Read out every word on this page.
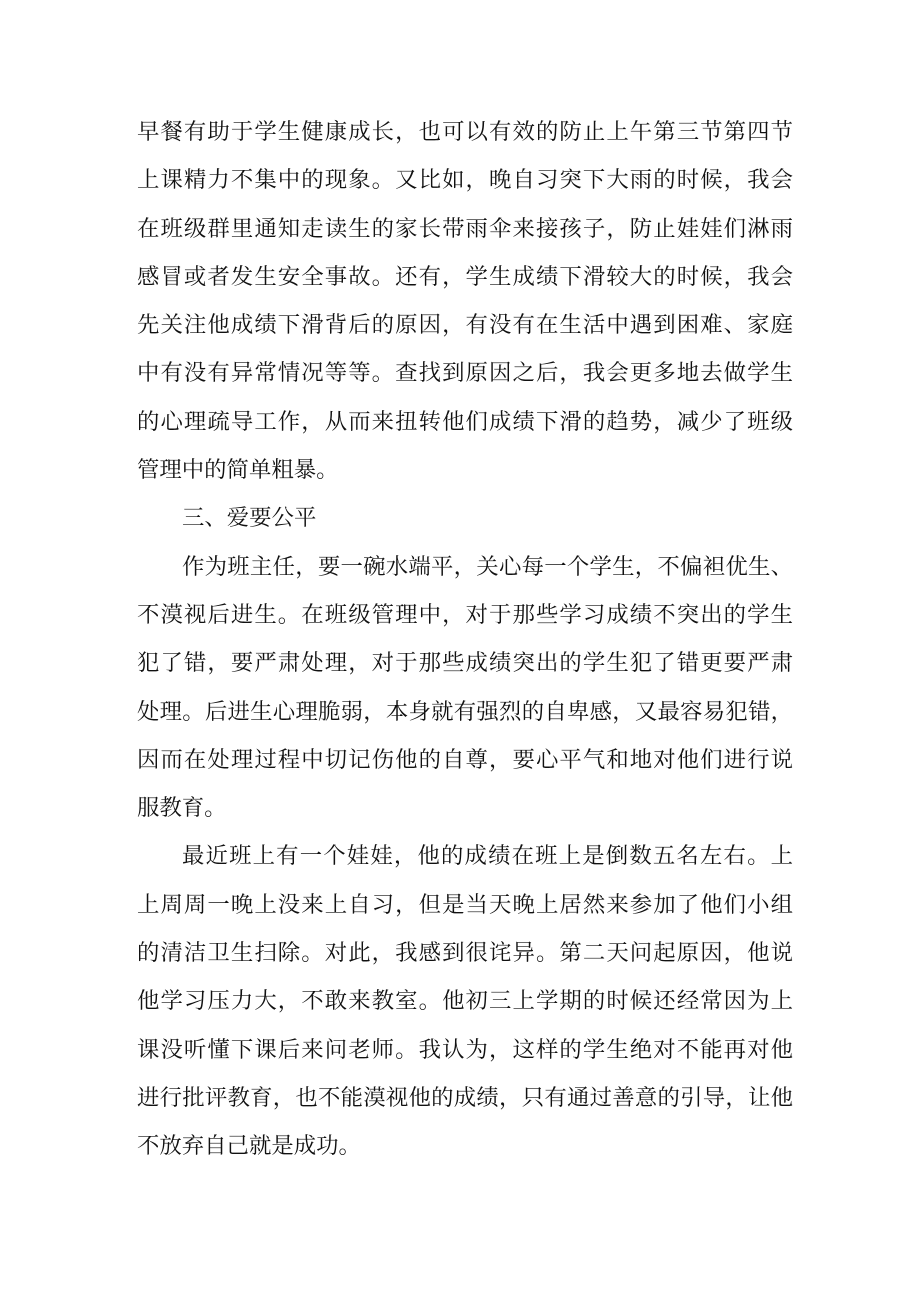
早餐有助于学生健康成长，也可以有效的防止上午第三节第四节
上课精力不集中的现象。又比如，晚自习突下大雨的时候，我会
在班级群里通知走读生的家长带雨伞来接孩子，防止娃娃们淋雨
感冒或者发生安全事故。还有，学生成绩下滑较大的时候，我会
先关注他成绩下滑背后的原因，有没有在生活中遇到困难、家庭
中有没有异常情况等等。查找到原因之后，我会更多地去做学生
的心理疏导工作，从而来扭转他们成绩下滑的趋势，减少了班级
管理中的简单粗暴。
三、爱要公平
作为班主任，要一碗水端平，关心每一个学生，不偏袒优生、
不漠视后进生。在班级管理中，对于那些学习成绩不突出的学生
犯了错，要严肃处理，对于那些成绩突出的学生犯了错更要严肃
处理。后进生心理脆弱，本身就有强烈的自卑感，又最容易犯错，
因而在处理过程中切记伤他的自尊，要心平气和地对他们进行说
服教育。
最近班上有一个娃娃，他的成绩在班上是倒数五名左右。上
上周周一晚上没来上自习，但是当天晚上居然来参加了他们小组
的清洁卫生扫除。对此，我感到很诧异。第二天问起原因，他说
他学习压力大，不敢来教室。他初三上学期的时候还经常因为上
课没听懂下课后来问老师。我认为，这样的学生绝对不能再对他
进行批评教育，也不能漠视他的成绩，只有通过善意的引导，让他
不放弃自己就是成功。
